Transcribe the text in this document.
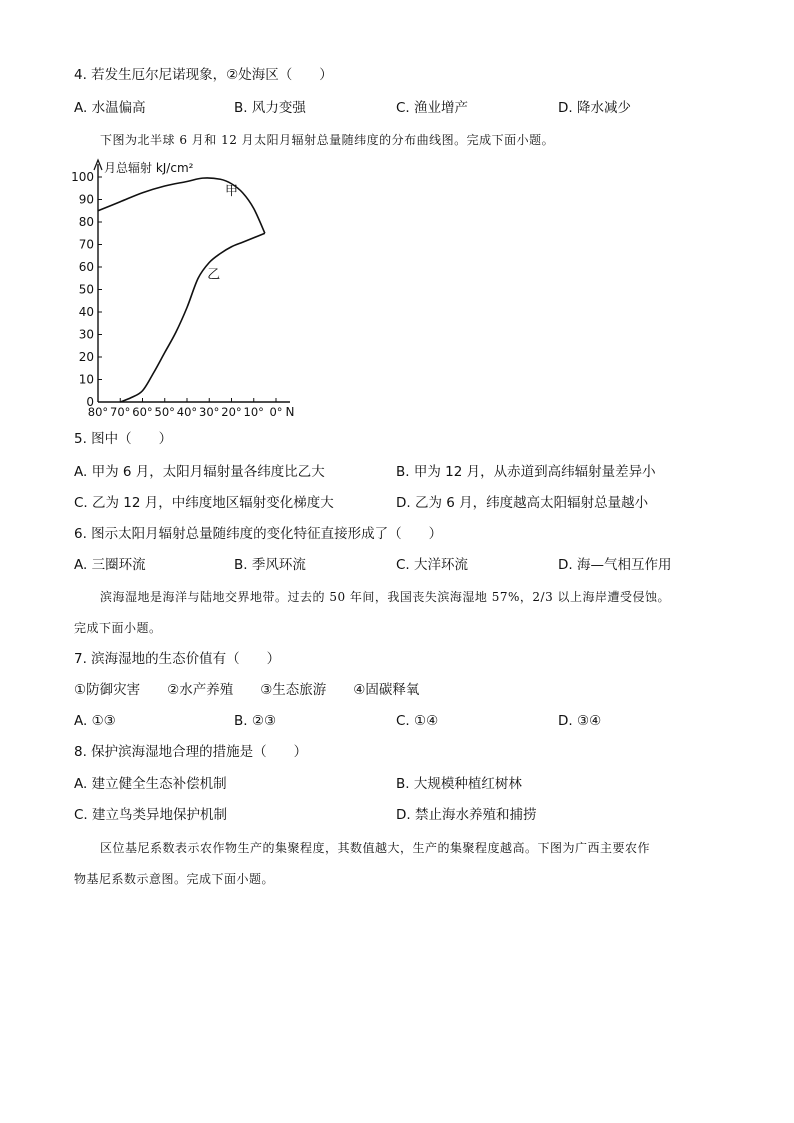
4. 若发生厄尔尼诺现象，②处海区（　　）
A. 水温偏高	B. 风力变强	C. 渔业增产	D. 降水减少
下图为北半球 6 月和 12 月太阳月辐射总量随纬度的分布曲线图。完成下面小题。
月总辐射 kJ/cm²
100
90
80
70
60
50
40
30
20
10
0
80° 70° 60° 50° 40° 30° 20° 10° 0° N
甲
乙
5. 图中（　　）
A. 甲为 6 月，太阳月辐射量各纬度比乙大	B. 甲为 12 月，从赤道到高纬辐射量差异小
C. 乙为 12 月，中纬度地区辐射变化梯度大	D. 乙为 6 月，纬度越高太阳辐射总量越小
6. 图示太阳月辐射总量随纬度的变化特征直接形成了（　　）
A. 三圈环流	B. 季风环流	C. 大洋环流	D. 海—气相互作用
滨海湿地是海洋与陆地交界地带。过去的 50 年间，我国丧失滨海湿地 57%，2/3 以上海岸遭受侵蚀。
完成下面小题。
7. 滨海湿地的生态价值有（　　）
①防御灾害　　②水产养殖　　③生态旅游　　④固碳释氧
A. ①③	B. ②③	C. ①④	D. ③④
8. 保护滨海湿地合理的措施是（　　）
A. 建立健全生态补偿机制	B. 大规模种植红树林
C. 建立鸟类异地保护机制	D. 禁止海水养殖和捕捞
区位基尼系数表示农作物生产的集聚程度，其数值越大，生产的集聚程度越高。下图为广西主要农作
物基尼系数示意图。完成下面小题。
